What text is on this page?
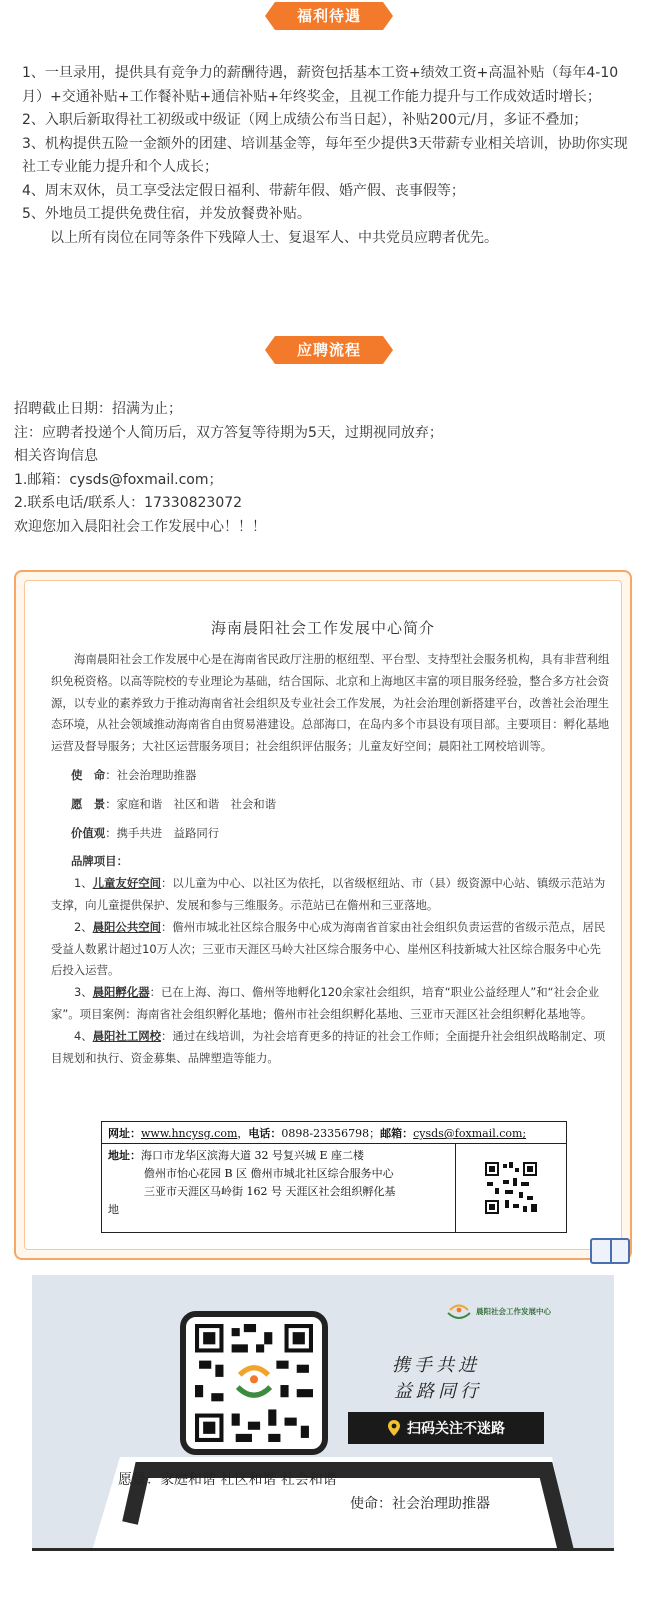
福利待遇

1、一旦录用，提供具有竞争力的薪酬待遇，薪资包括基本工资+绩效工资+高温补贴（每年4-10月）+交通补贴+工作餐补贴+通信补贴+年终奖金，且视工作能力提升与工作成效适时增长；

2、入职后新取得社工初级或中级证（网上成绩公布当日起），补贴200元/月，多证不叠加；

3、机构提供五险一金额外的团建、培训基金等，每年至少提供3天带薪专业相关培训，协助你实现社工专业能力提升和个人成长；

4、周末双休，员工享受法定假日福利、带薪年假、婚产假、丧事假等；

5、外地员工提供免费住宿，并发放餐费补贴。

以上所有岗位在同等条件下残障人士、复退军人、中共党员应聘者优先。

应聘流程
招聘截止日期：招满为止；
注：应聘者投递个人简历后，双方答复等待期为5天，过期视同放弃；
相关咨询信息
1.邮箱：cysds@foxmail.com；
2.联系电话/联系人：17330823072
欢迎您加入晨阳社会工作发展中心！！！
海南晨阳社会工作发展中心简介

海南晨阳社会工作发展中心是在海南省民政厅注册的枢纽型、平台型、支持型社会服务机构，具有非营利组织免税资格。以高等院校的专业理论为基础，结合国际、北京和上海地区丰富的项目服务经验，整合多方社会资源，以专业的素养致力于推动海南省社会组织及专业社会工作发展，为社会治理创新搭建平台，改善社会治理生态环境，从社会领域推动海南省自由贸易港建设。总部海口，在岛内多个市县设有项目部。主要项目：孵化基地运营及督导服务；大社区运营服务项目；社会组织评估服务；儿童友好空间；晨阳社工网校培训等。

使　命：社会治理助推器

愿　景：家庭和谐　社区和谐　社会和谐

价值观：携手共进　益路同行

品牌项目：

1、儿童友好空间：以儿童为中心、以社区为依托，以省级枢纽站、市（县）级资源中心站、镇级示范站为支撑，向儿童提供保护、发展和参与三维服务。示范站已在儋州和三亚落地。

2、晨阳公共空间：儋州市城北社区综合服务中心成为海南省首家由社会组织负责运营的省级示范点，居民受益人数累计超过10万人次；三亚市天涯区马岭大社区综合服务中心、崖州区科技新城大社区综合服务中心先后投入运营。

3、晨阳孵化器：已在上海、海口、儋州等地孵化120余家社会组织，培育“职业公益经理人”和“社会企业家”。项目案例：海南省社会组织孵化基地；儋州市社会组织孵化基地、三亚市天涯区社会组织孵化基地等。

4、晨阳社工网校：通过在线培训，为社会培育更多的持证的社会工作师；全面提升社会组织战略制定、项目规划和执行、资金募集、品牌塑造等能力。

网址：www.hncysg.com，电话：0898-23356798；邮箱：cysds@foxmail.com;
地址：海口市龙华区滨海大道 32 号复兴城 E 座二楼
儋州市怡心花园 B 区 儋州市城北社区综合服务中心
三亚市天涯区马岭街 162 号 天涯区社会组织孵化基
地
晨阳社会工作发展中心
携手共进
益路同行
扫码关注不迷路
愿景：家庭和谐 社区和谐 社会和谐
使命：社会治理助推器
